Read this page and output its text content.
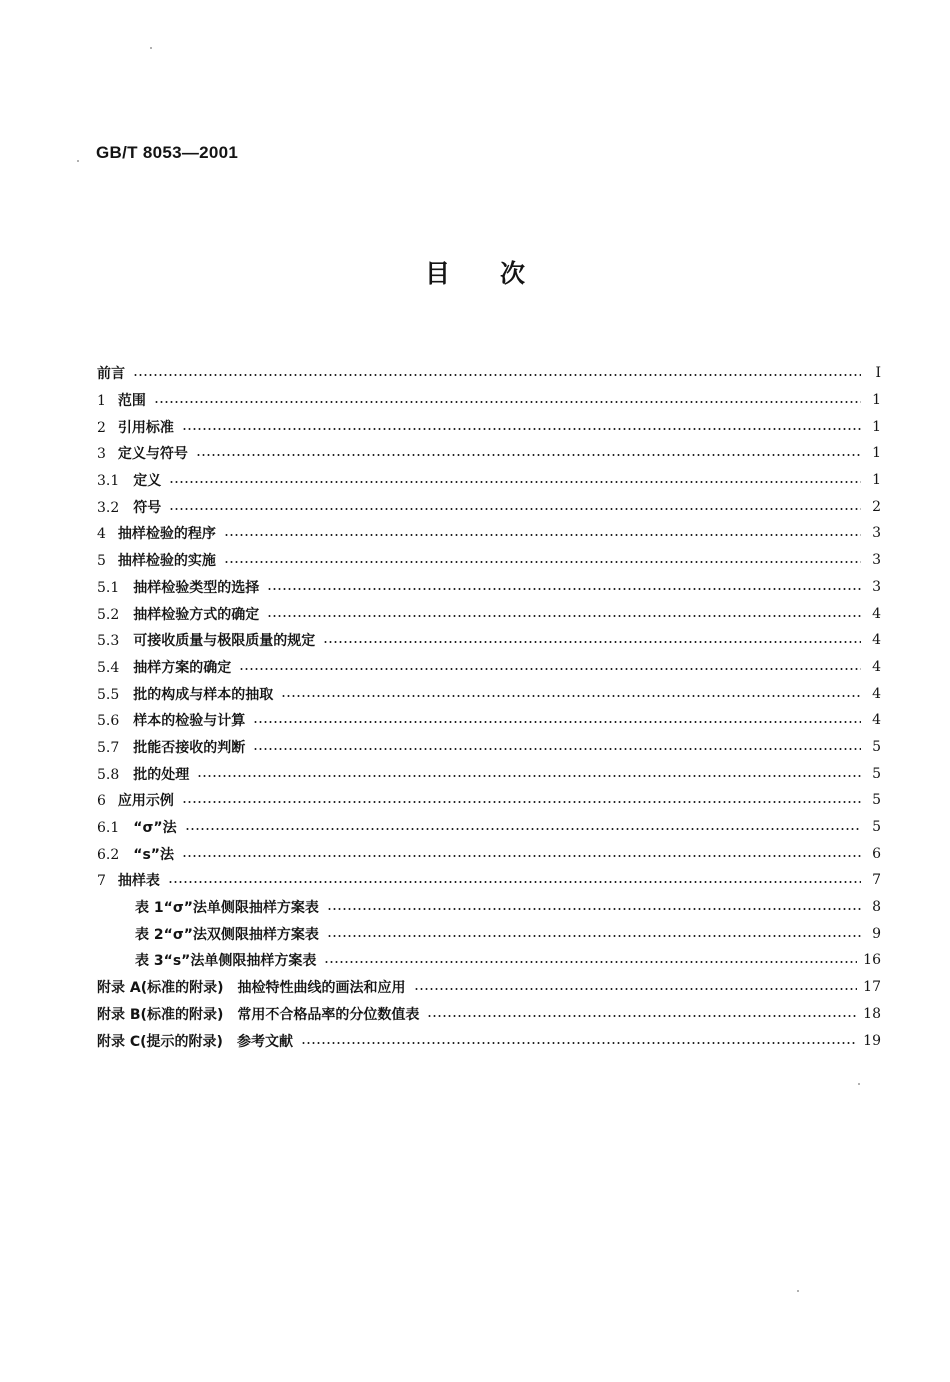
GB/T 8053—2001
目　　次
前言	I
1 范围	1
2 引用标准	1
3 定义与符号	1
3.1 定义	1
3.2 符号	2
4 抽样检验的程序	3
5 抽样检验的实施	3
5.1 抽样检验类型的选择	3
5.2 抽样检验方式的确定	4
5.3 可接收质量与极限质量的规定	4
5.4 抽样方案的确定	4
5.5 批的构成与样本的抽取	4
5.6 样本的检验与计算	4
5.7 批能否接收的判断	5
5.8 批的处理	5
6 应用示例	5
6.1 “σ”法	5
6.2 “s”法	6
7 抽样表	7
表 1“σ”法单侧限抽样方案表	8
表 2“σ”法双侧限抽样方案表	9
表 3“s”法单侧限抽样方案表	16
附录 A(标准的附录)　抽检特性曲线的画法和应用	17
附录 B(标准的附录)　常用不合格品率的分位数值表	18
附录 C(提示的附录)　参考文献	19
